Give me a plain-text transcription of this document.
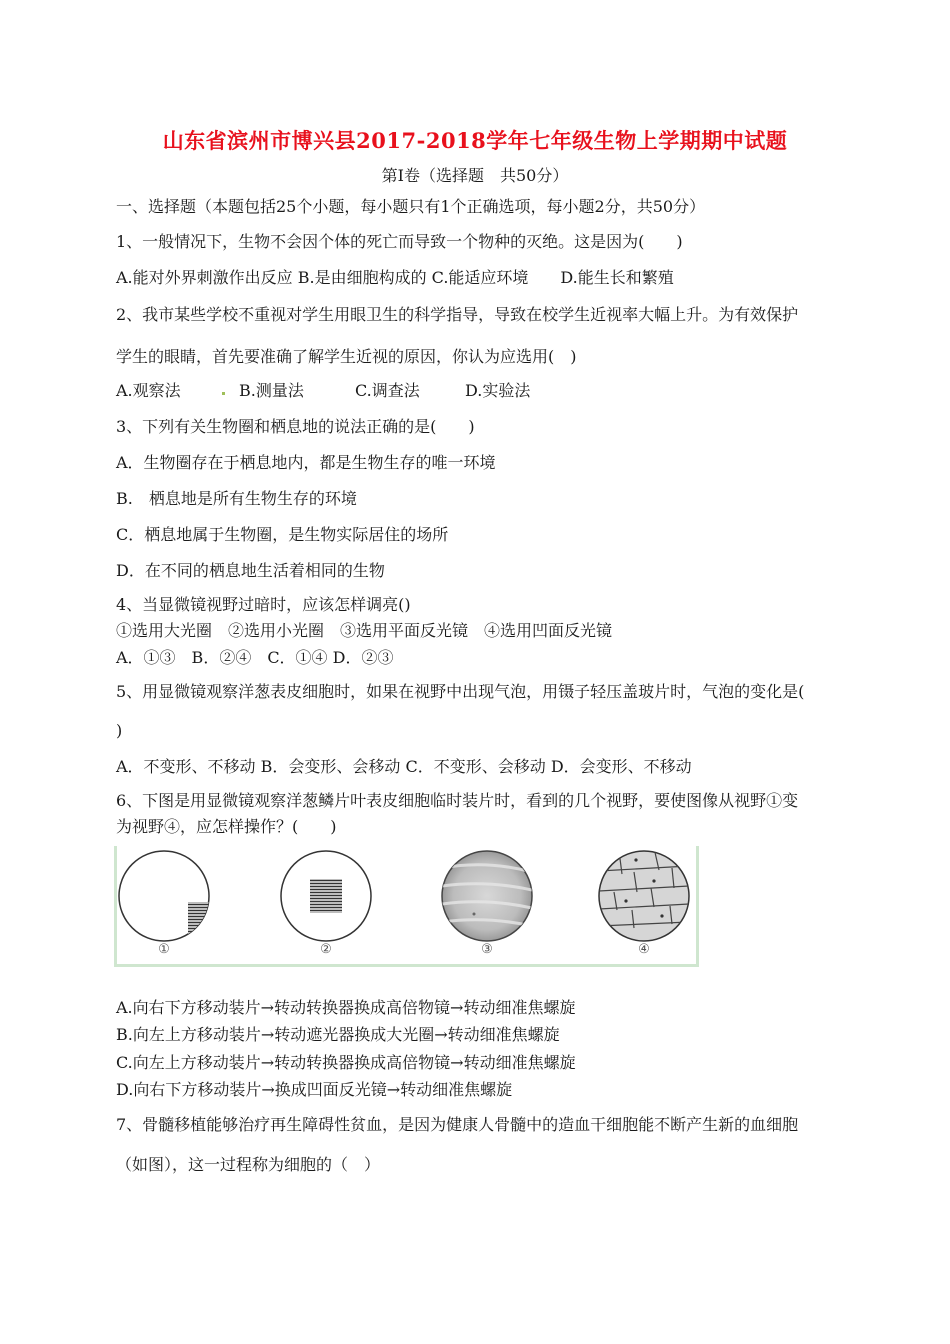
山东省滨州市博兴县2017-2018学年七年级生物上学期期中试题
第Ⅰ卷（选择题　共50分）
一、选择题（本题包括25个小题，每小题只有1个正确选项，每小题2分，共50分）
1、一般情况下，生物不会因个体的死亡而导致一个物种的灭绝。这是因为(　　)
A.能对外界刺激作出反应 B.是由细胞构成的 C.能适应环境　　D.能生长和繁殖
2、我市某些学校不重视对学生用眼卫生的科学指导，导致在校学生近视率大幅上升。为有效保护
学生的眼睛，首先要准确了解学生近视的原因，你认为应选用(　)
A.观察法	B.测量法	C.调查法	D.实验法
3、下列有关生物圈和栖息地的说法正确的是(　　)
A．生物圈存在于栖息地内，都是生物生存的唯一环境
B.　栖息地是所有生物生存的环境
C．栖息地属于生物圈，是生物实际居住的场所
D．在不同的栖息地生活着相同的生物
4、当显微镜视野过暗时，应该怎样调亮()
①选用大光圈　②选用小光圈　③选用平面反光镜　④选用凹面反光镜
A．①③　B．②④　C．①④ D．②③
5、用显微镜观察洋葱表皮细胞时，如果在视野中出现气泡，用镊子轻压盖玻片时，气泡的变化是(
)
A．不变形、不移动 B．会变形、会移动 C．不变形、会移动 D．会变形、不移动
6、下图是用显微镜观察洋葱鳞片叶表皮细胞临时装片时，看到的几个视野，要使图像从视野①变
为视野④，应怎样操作？(　　)
①	②	③	④
A.向右下方移动装片→转动转换器换成高倍物镜→转动细准焦螺旋
B.向左上方移动装片→转动遮光器换成大光圈→转动细准焦螺旋
C.向左上方移动装片→转动转换器换成高倍物镜→转动细准焦螺旋
D.向右下方移动装片→换成凹面反光镜→转动细准焦螺旋
7、骨髓移植能够治疗再生障碍性贫血，是因为健康人骨髓中的造血干细胞能不断产生新的血细胞
（如图），这一过程称为细胞的（　）
